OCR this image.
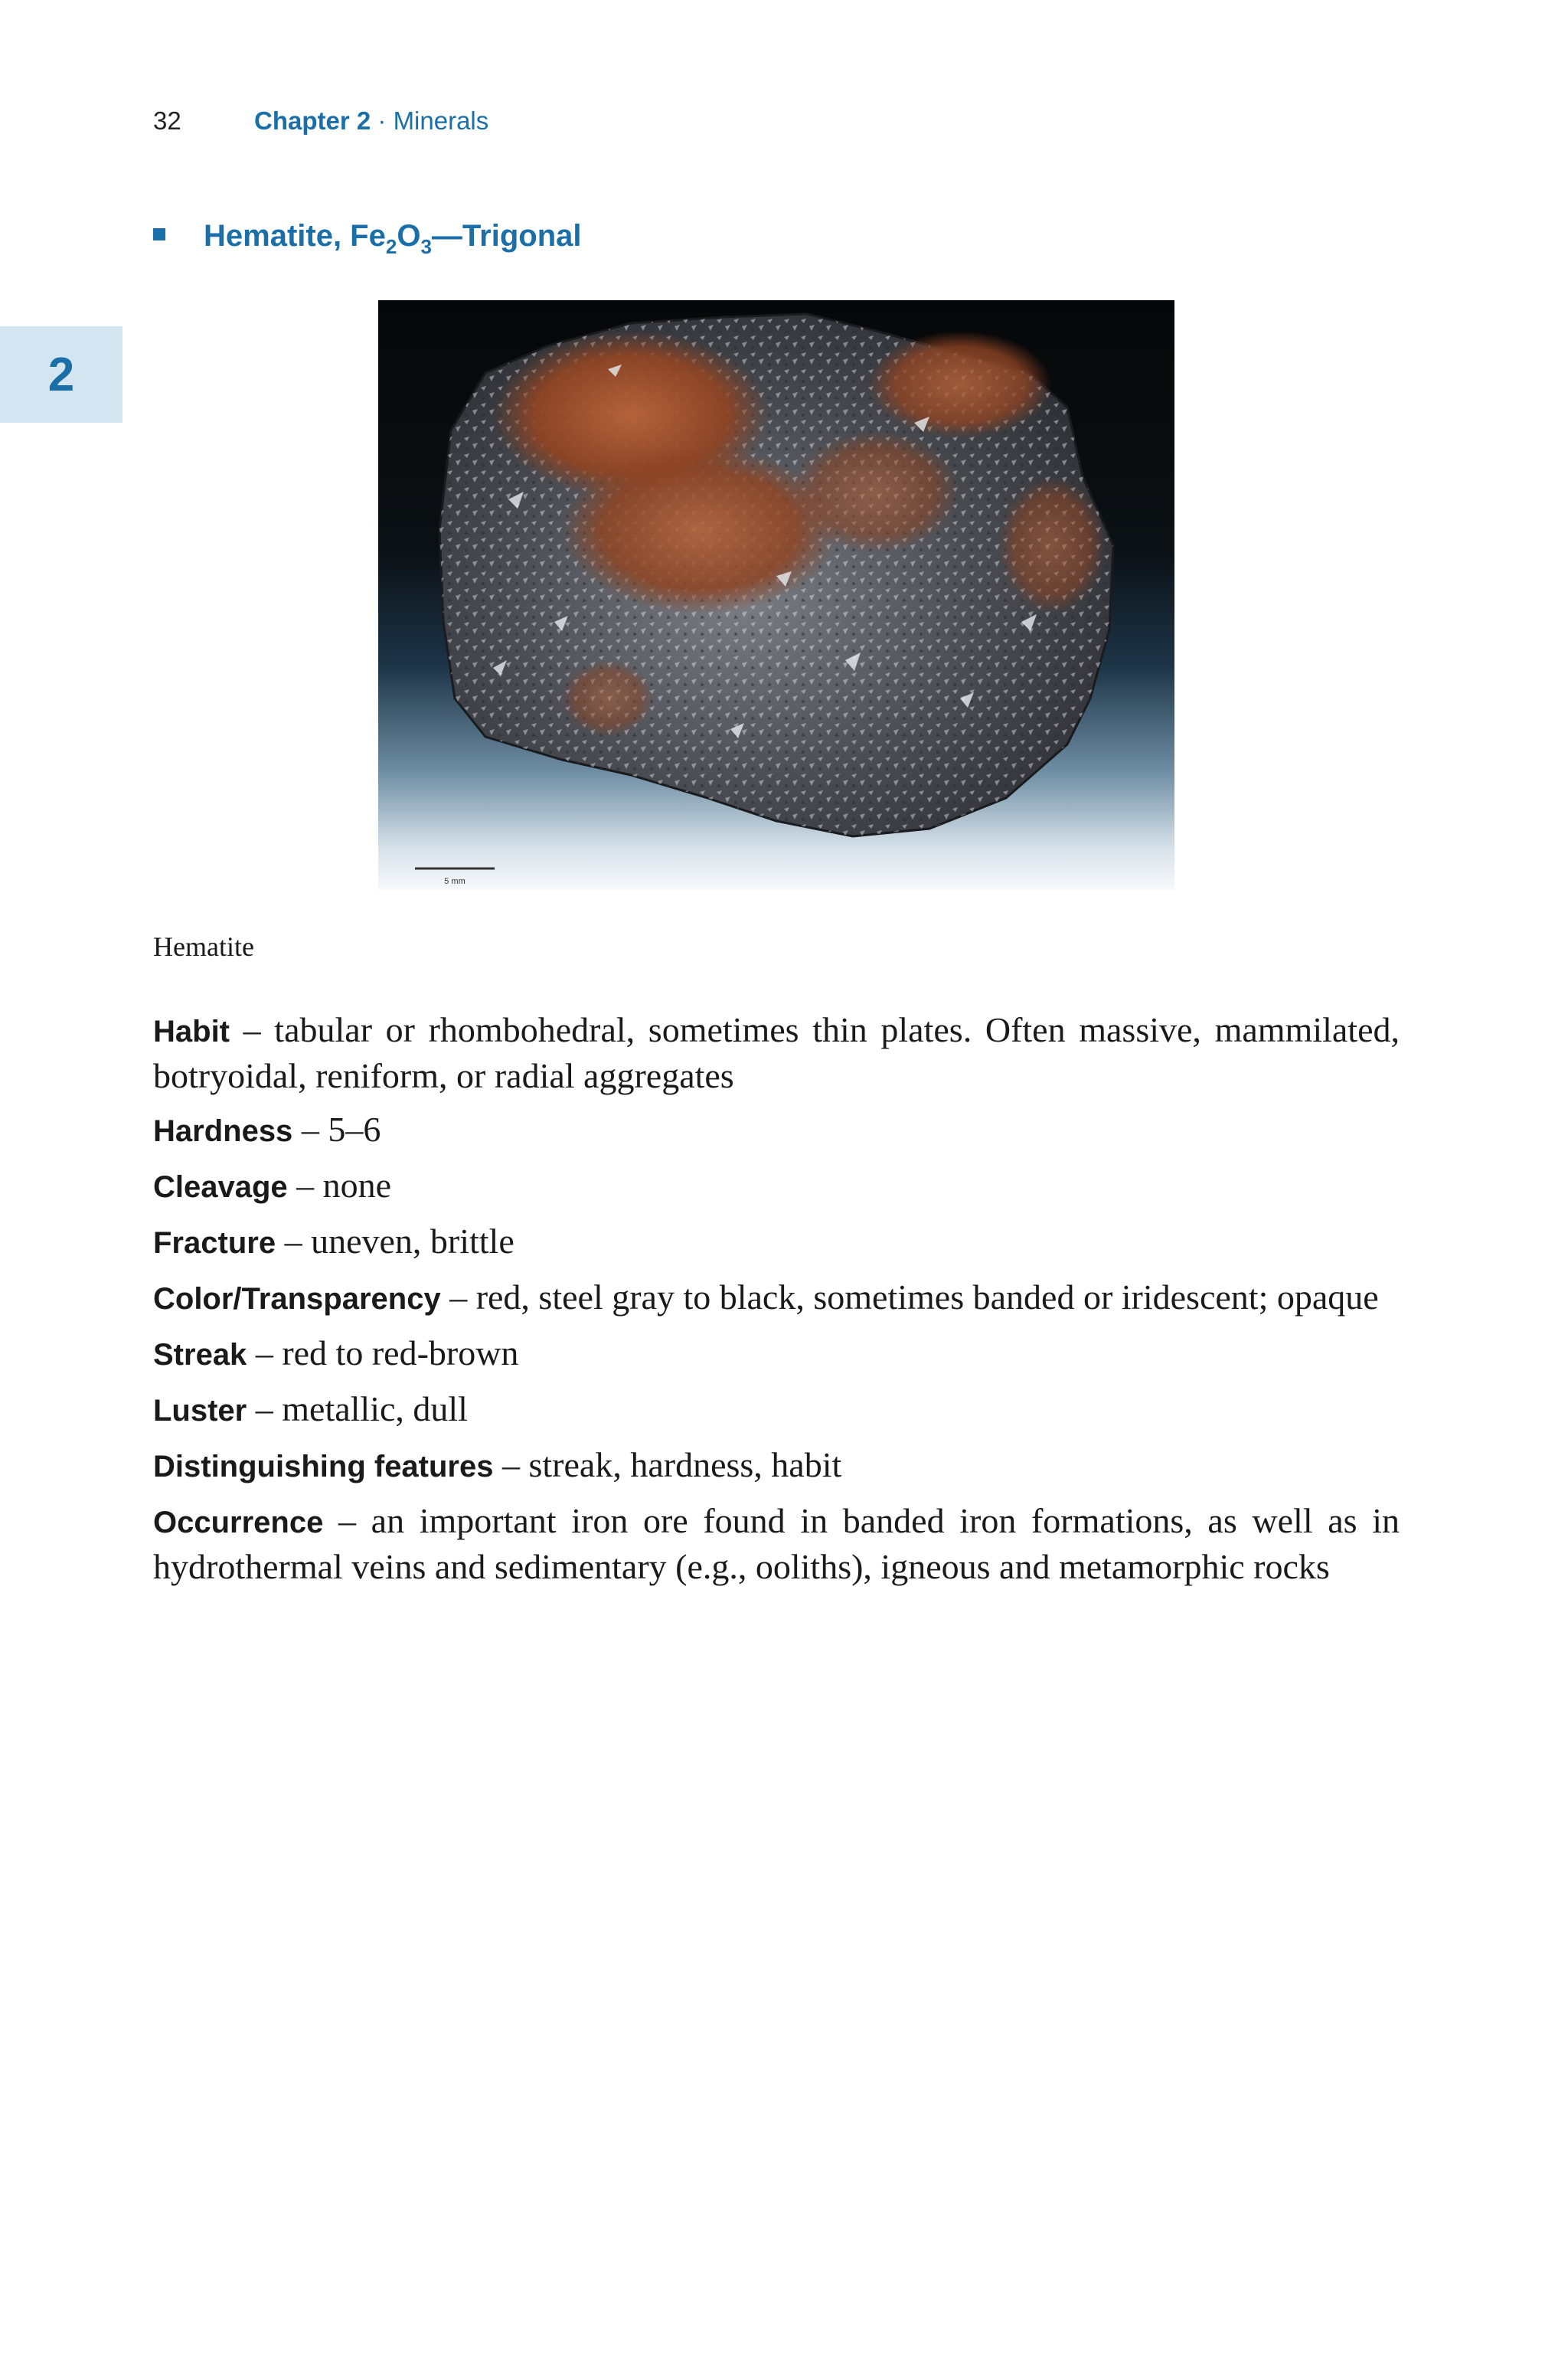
32	Chapter 2 · Minerals
2
Hematite, $Fe_2O_3—Trigonal$
5 mm
Hematite
Habit – tabular or rhombohedral, sometimes thin plates. Often massive, mammilated, botryoidal, reniform, or radial aggregates
Hardness – 5–6
Cleavage – none
Fracture – uneven, brittle
Color/Transparency – red, steel gray to black, sometimes banded or iridescent; opaque
Streak – red to red-brown
Luster – metallic, dull
Distinguishing features – streak, hardness, habit
Occurrence – an important iron ore found in banded iron formations, as well as in hydrothermal veins and sedimentary (e.g., ooliths), igneous and metamorphic rocks
